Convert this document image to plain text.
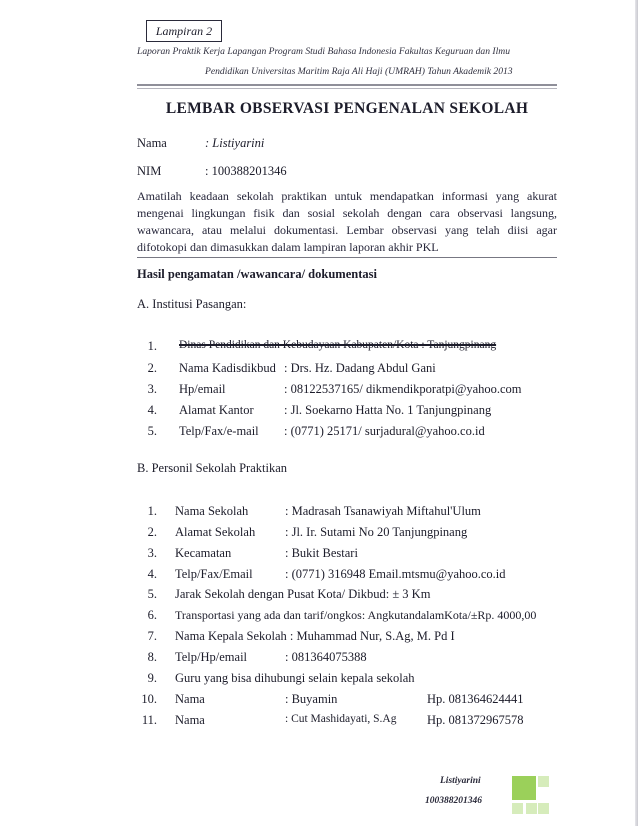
Lampiran 2
Laporan Praktik Kerja Lapangan Program Studi Bahasa Indonesia Fakultas Keguruan dan Ilmu
Pendidikan Universitas Maritim Raja Ali Haji (UMRAH) Tahun Akademik 2013
LEMBAR OBSERVASI PENGENALAN SEKOLAH
Nama	: Listiyarini
NIM	: 100388201346
Amatilah keadaan sekolah praktikan untuk mendapatkan informasi yang akurat mengenai lingkungan fisik dan sosial sekolah dengan cara observasi langsung, wawancara, atau melalui dokumentasi. Lembar observasi yang telah diisi agar difotokopi dan dimasukkan dalam lampiran laporan akhir PKL
Hasil pengamatan /wawancara/ dokumentasi
A. Institusi Pasangan:
1. Dinas Pendidikan dan Kebudayaan Kabupaten/Kota : Tanjungpinang
2. Nama Kadisdikbud : Drs. Hz. Dadang Abdul Gani
3. Hp/email	: 08122537165/ dikmendikporatpi@yahoo.com
4. Alamat Kantor : Jl. Soekarno Hatta No. 1 Tanjungpinang
5. Telp/Fax/e-mail : (0771) 25171/ surjadural@yahoo.co.id
B. Personil Sekolah Praktikan
1. Nama Sekolah	: Madrasah Tsanawiyah Miftahul'Ulum
2. Alamat Sekolah : Jl. Ir. Sutami No 20 Tanjungpinang
3. Kecamatan	: Bukit Bestari
4. Telp/Fax/Email	: (0771) 316948 Email.mtsmu@yahoo.co.id
5. Jarak Sekolah dengan Pusat Kota/ Dikbud: ± 3 Km
6. Transportasi yang ada dan tarif/ongkos: AngkutandalamKota/±Rp. 4000,00
7. Nama Kepala Sekolah : Muhammad Nur, S.Ag, M. Pd I
8. Telp/Hp/email	: 081364075388
9. Guru yang bisa dihubungi selain kepala sekolah
10. Nama	: Buyamin	Hp. 081364624441
11. Nama	: Cut Mashidayati, S.Ag Hp. 081372967578
Listiyarini
100388201346
